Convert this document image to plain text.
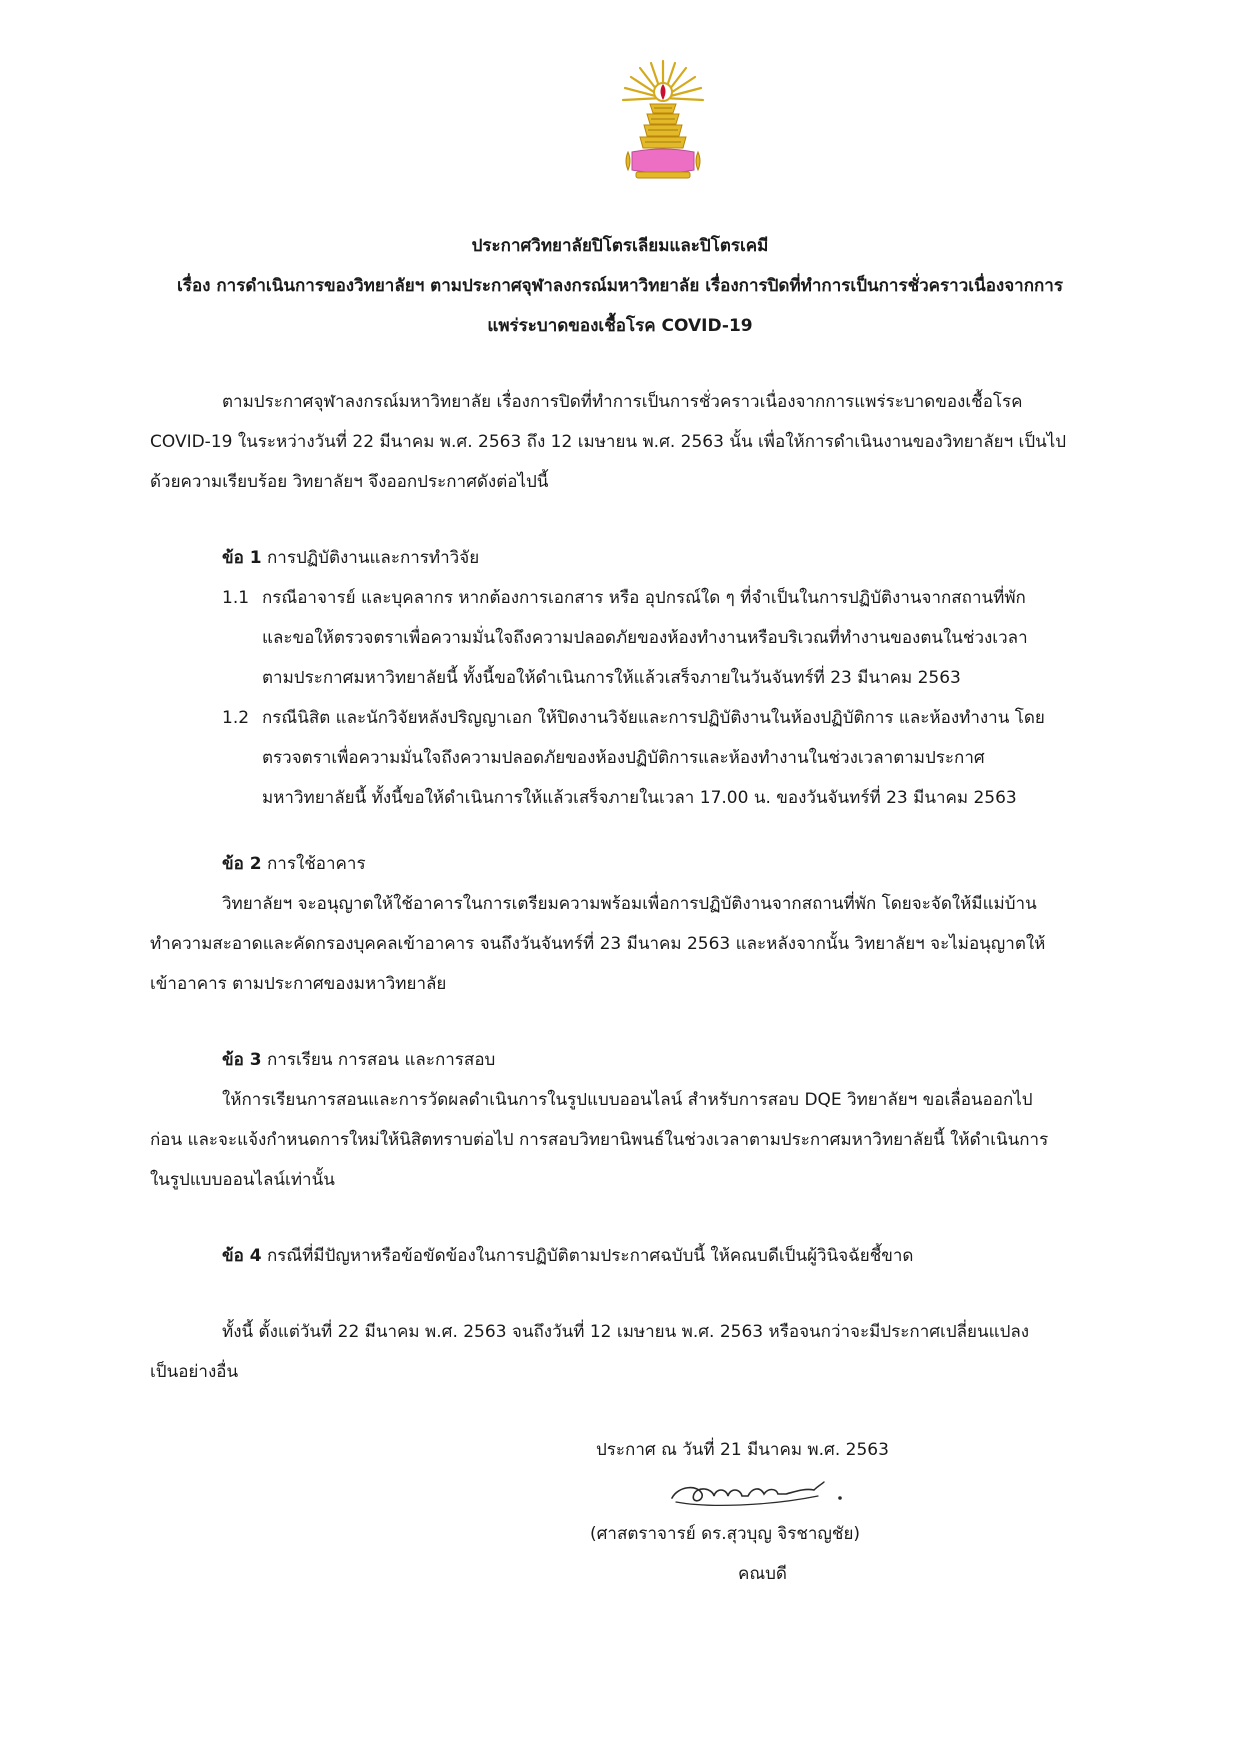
ประกาศวิทยาลัยปิโตรเลียมและปิโตรเคมี
เรื่อง การดำเนินการของวิทยาลัยฯ ตามประกาศจุฬาลงกรณ์มหาวิทยาลัย เรื่องการปิดที่ทำการเป็นการชั่วคราวเนื่องจากการ
แพร่ระบาดของเชื้อโรค COVID-19
ตามประกาศจุฬาลงกรณ์มหาวิทยาลัย เรื่องการปิดที่ทำการเป็นการชั่วคราวเนื่องจากการแพร่ระบาดของเชื้อโรค
COVID-19 ในระหว่างวันที่ 22 มีนาคม พ.ศ. 2563 ถึง 12 เมษายน พ.ศ. 2563 นั้น เพื่อให้การดำเนินงานของวิทยาลัยฯ เป็นไป
ด้วยความเรียบร้อย วิทยาลัยฯ จึงออกประกาศดังต่อไปนี้
ข้อ 1 การปฏิบัติงานและการทำวิจัย
1.1 กรณีอาจารย์ และบุคลากร หากต้องการเอกสาร หรือ อุปกรณ์ใด ๆ ที่จำเป็นในการปฏิบัติงานจากสถานที่พัก
และขอให้ตรวจตราเพื่อความมั่นใจถึงความปลอดภัยของห้องทำงานหรือบริเวณที่ทำงานของตนในช่วงเวลา
ตามประกาศมหาวิทยาลัยนี้ ทั้งนี้ขอให้ดำเนินการให้แล้วเสร็จภายในวันจันทร์ที่ 23 มีนาคม 2563
1.2 กรณีนิสิต และนักวิจัยหลังปริญญาเอก ให้ปิดงานวิจัยและการปฏิบัติงานในห้องปฏิบัติการ และห้องทำงาน โดย
ตรวจตราเพื่อความมั่นใจถึงความปลอดภัยของห้องปฏิบัติการและห้องทำงานในช่วงเวลาตามประกาศ
มหาวิทยาลัยนี้ ทั้งนี้ขอให้ดำเนินการให้แล้วเสร็จภายในเวลา 17.00 น. ของวันจันทร์ที่ 23 มีนาคม 2563
ข้อ 2 การใช้อาคาร
วิทยาลัยฯ จะอนุญาตให้ใช้อาคารในการเตรียมความพร้อมเพื่อการปฏิบัติงานจากสถานที่พัก โดยจะจัดให้มีแม่บ้าน
ทำความสะอาดและคัดกรองบุคคลเข้าอาคาร จนถึงวันจันทร์ที่ 23 มีนาคม 2563 และหลังจากนั้น วิทยาลัยฯ จะไม่อนุญาตให้
เข้าอาคาร ตามประกาศของมหาวิทยาลัย
ข้อ 3 การเรียน การสอน และการสอบ
ให้การเรียนการสอนและการวัดผลดำเนินการในรูปแบบออนไลน์ สำหรับการสอบ DQE วิทยาลัยฯ ขอเลื่อนออกไป
ก่อน และจะแจ้งกำหนดการใหม่ให้นิสิตทราบต่อไป การสอบวิทยานิพนธ์ในช่วงเวลาตามประกาศมหาวิทยาลัยนี้ ให้ดำเนินการ
ในรูปแบบออนไลน์เท่านั้น
ข้อ 4 กรณีที่มีปัญหาหรือข้อขัดข้องในการปฏิบัติตามประกาศฉบับนี้ ให้คณบดีเป็นผู้วินิจฉัยชี้ขาด
ทั้งนี้ ตั้งแต่วันที่ 22 มีนาคม พ.ศ. 2563 จนถึงวันที่ 12 เมษายน พ.ศ. 2563 หรือจนกว่าจะมีประกาศเปลี่ยนแปลง
เป็นอย่างอื่น
ประกาศ ณ วันที่ 21 มีนาคม พ.ศ. 2563
(ศาสตราจารย์ ดร.สุวบุญ จิรชาญชัย)
คณบดี
